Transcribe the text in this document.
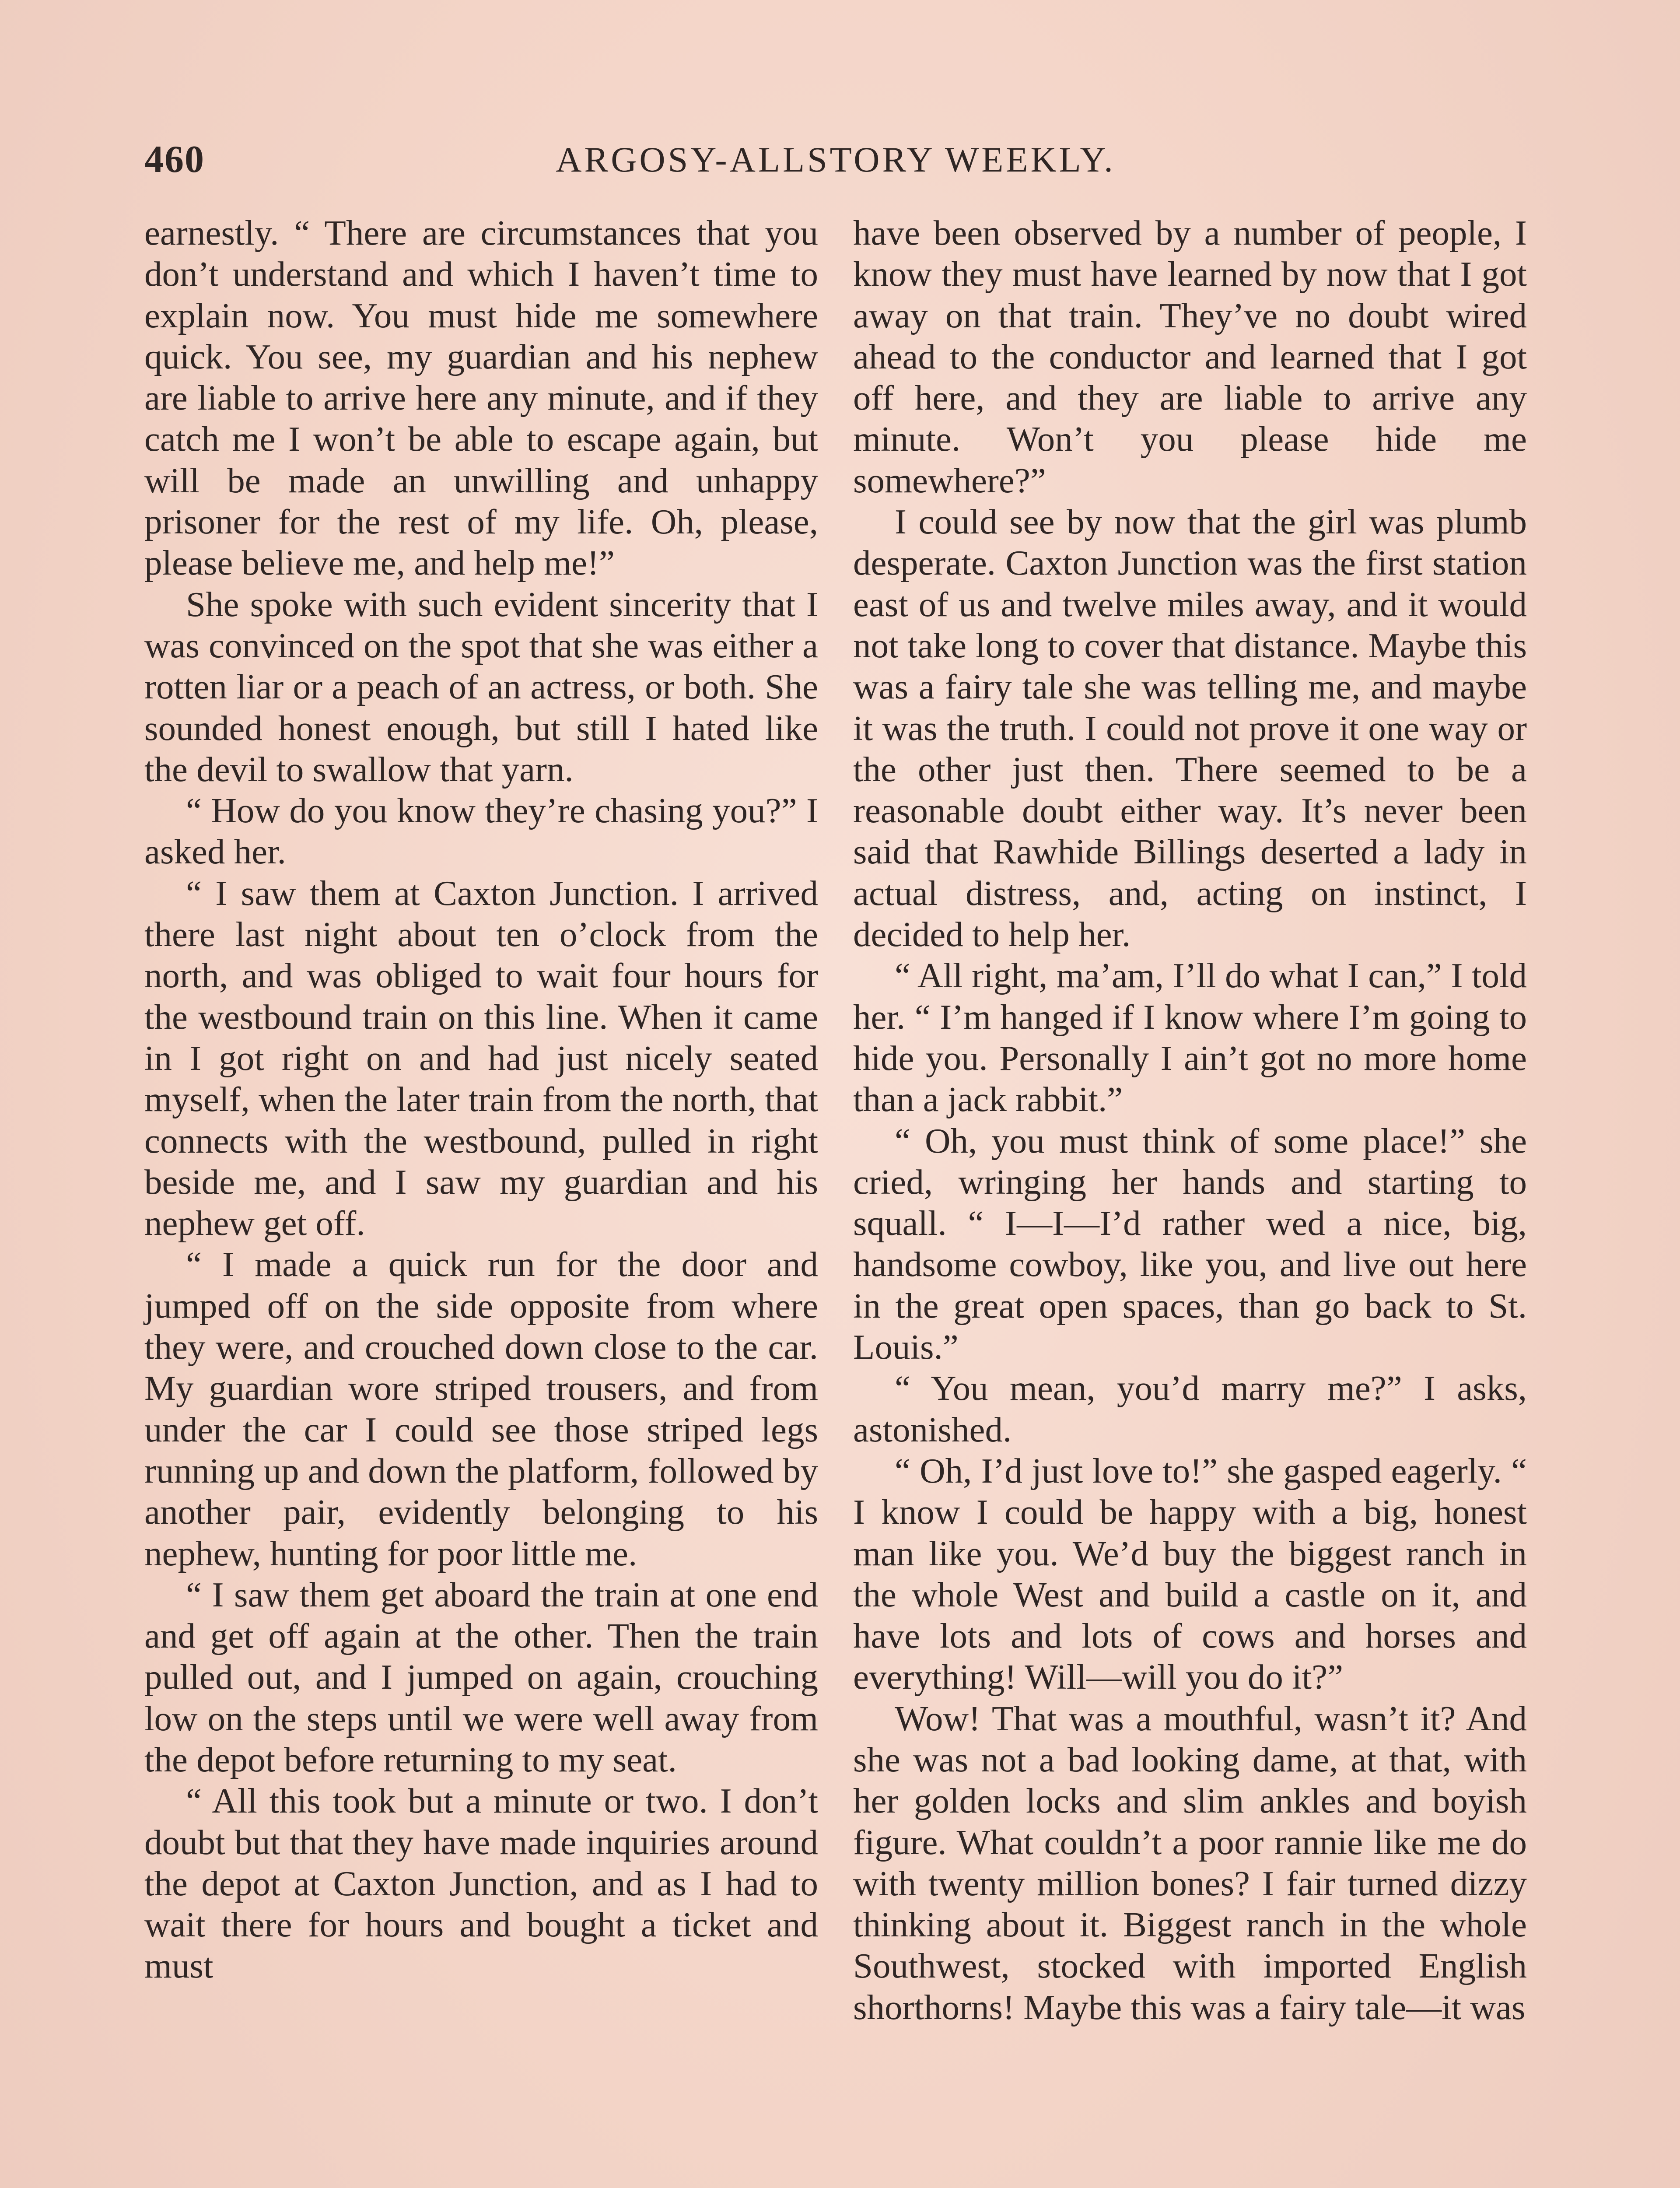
460	ARGOSY-ALLSTORY WEEKLY.

earnestly. “ There are circumstances that you don’t understand and which I haven’t time to explain now. You must hide me somewhere quick. You see, my guardian and his nephew are liable to arrive here any minute, and if they catch me I won’t be able to escape again, but will be made an unwilling and unhappy prisoner for the rest of my life. Oh, please, please believe me, and help me!”

She spoke with such evident sincerity that I was convinced on the spot that she was either a rotten liar or a peach of an actress, or both. She sounded honest enough, but still I hated like the devil to swallow that yarn.

“ How do you know they’re chasing you?” I asked her.

“ I saw them at Caxton Junction. I arrived there last night about ten o’clock from the north, and was obliged to wait four hours for the westbound train on this line. When it came in I got right on and had just nicely seated myself, when the later train from the north, that connects with the westbound, pulled in right beside me, and I saw my guardian and his nephew get off.

“ I made a quick run for the door and jumped off on the side opposite from where they were, and crouched down close to the car. My guardian wore striped trousers, and from under the car I could see those striped legs running up and down the platform, followed by another pair, evidently belonging to his nephew, hunting for poor little me.

“ I saw them get aboard the train at one end and get off again at the other. Then the train pulled out, and I jumped on again, crouching low on the steps until we were well away from the depot before returning to my seat.

“ All this took but a minute or two. I don’t doubt but that they have made inquiries around the depot at Caxton Junction, and as I had to wait there for hours and bought a ticket and must

have been observed by a number of people, I know they must have learned by now that I got away on that train. They’ve no doubt wired ahead to the conductor and learned that I got off here, and they are liable to arrive any minute. Won’t you please hide me somewhere?”

I could see by now that the girl was plumb desperate. Caxton Junction was the first station east of us and twelve miles away, and it would not take long to cover that distance. Maybe this was a fairy tale she was telling me, and maybe it was the truth. I could not prove it one way or the other just then. There seemed to be a reasonable doubt either way. It’s never been said that Rawhide Billings deserted a lady in actual distress, and, acting on instinct, I decided to help her.

“ All right, ma’am, I’ll do what I can,” I told her. “ I’m hanged if I know where I’m going to hide you. Personally I ain’t got no more home than a jack rabbit.”

“ Oh, you must think of some place!” she cried, wringing her hands and starting to squall. “ I—I—I’d rather wed a nice, big, handsome cowboy, like you, and live out here in the great open spaces, than go back to St. Louis.”

“ You mean, you’d marry me?” I asks, astonished.

“ Oh, I’d just love to!” she gasped eagerly. “ I know I could be happy with a big, honest man like you. We’d buy the biggest ranch in the whole West and build a castle on it, and have lots and lots of cows and horses and everything! Will—will you do it?”

Wow! That was a mouthful, wasn’t it? And she was not a bad looking dame, at that, with her golden locks and slim ankles and boyish figure. What couldn’t a poor rannie like me do with twenty million bones? I fair turned dizzy thinking about it. Biggest ranch in the whole Southwest, stocked with imported English shorthorns! Maybe this was a fairy tale—it was
